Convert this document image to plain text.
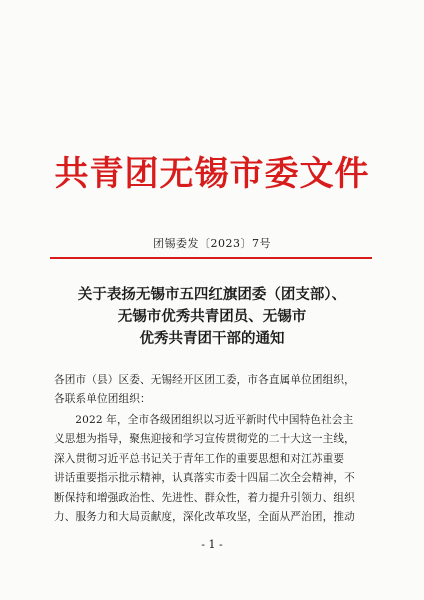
共青团无锡市委文件
团锡委发〔2023〕7号
关于表扬无锡市五四红旗团委（团支部）、
无锡市优秀共青团员、无锡市
优秀共青团干部的通知
各团市（县）区委、无锡经开区团工委，市各直属单位团组织，
各联系单位团组织：
2022 年，全市各级团组织以习近平新时代中国特色社会主
义思想为指导，聚焦迎接和学习宣传贯彻党的二十大这一主线，
深入贯彻习近平总书记关于青年工作的重要思想和对江苏重要
讲话重要指示批示精神，认真落实市委十四届二次全会精神，不
断保持和增强政治性、先进性、群众性，着力提升引领力、组织
力、服务力和大局贡献度，深化改革攻坚，全面从严治团，推动
- 1 -
